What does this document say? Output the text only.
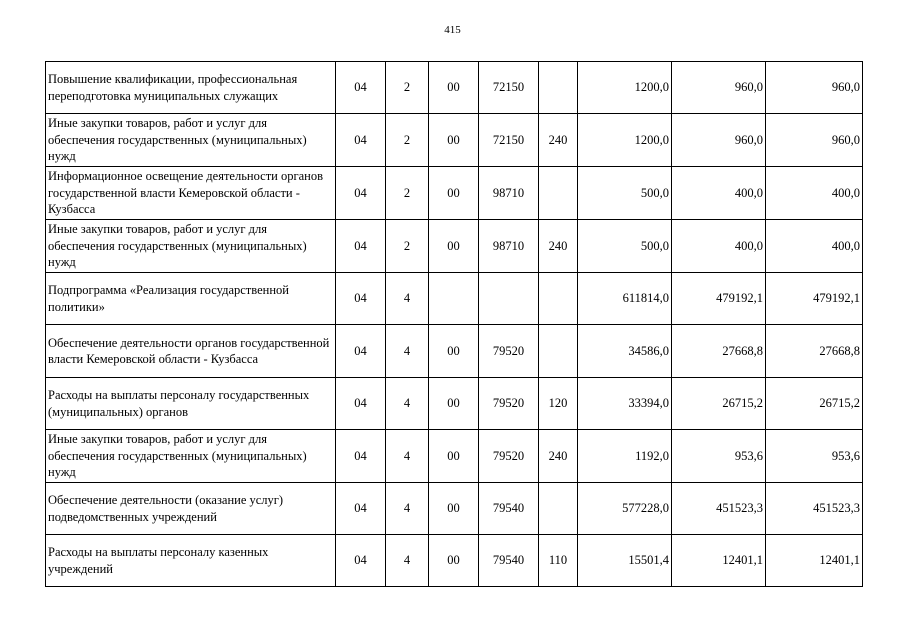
415
Повышение квалификации, профессиональная переподготовка муниципальных служащих	04	2	00	72150		1200,0	960,0	960,0
Иные закупки товаров, работ и услуг для обеспечения государственных (муниципальных) нужд	04	2	00	72150	240	1200,0	960,0	960,0
Информационное освещение деятельности органов государственной власти Кемеровской области - Кузбасса	04	2	00	98710		500,0	400,0	400,0
Иные закупки товаров, работ и услуг для обеспечения государственных (муниципальных) нужд	04	2	00	98710	240	500,0	400,0	400,0
Подпрограмма «Реализация государственной политики»	04	4				611814,0	479192,1	479192,1
Обеспечение деятельности органов государственной власти Кемеровской области - Кузбасса	04	4	00	79520		34586,0	27668,8	27668,8
Расходы на выплаты персоналу государственных (муниципальных) органов	04	4	00	79520	120	33394,0	26715,2	26715,2
Иные закупки товаров, работ и услуг для обеспечения государственных (муниципальных) нужд	04	4	00	79520	240	1192,0	953,6	953,6
Обеспечение деятельности (оказание услуг) подведомственных учреждений	04	4	00	79540		577228,0	451523,3	451523,3
Расходы на выплаты персоналу казенных учреждений	04	4	00	79540	110	15501,4	12401,1	12401,1
